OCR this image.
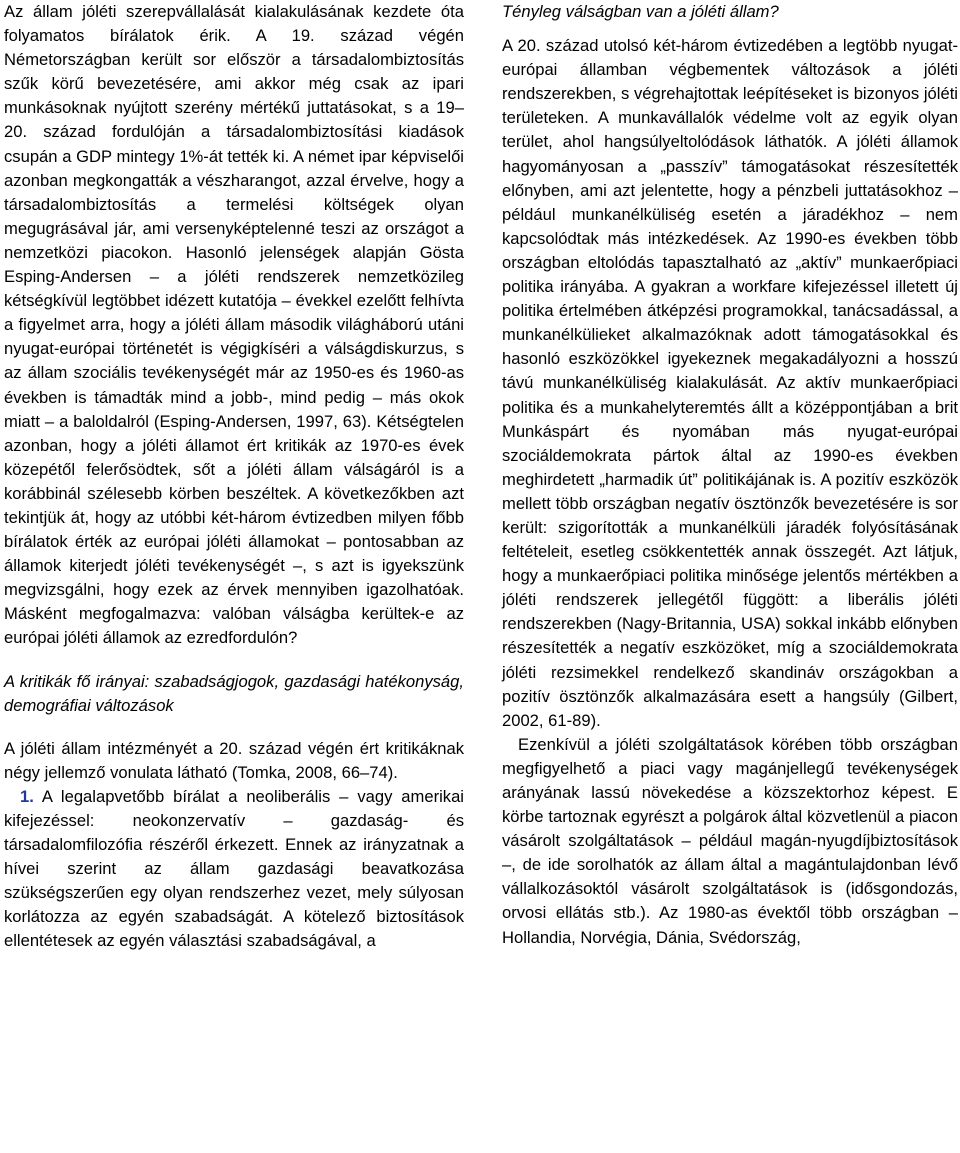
Az állam jóléti szerepvállalását kialakulásának kezdete óta folyamatos bírálatok érik. A 19. század végén Németországban került sor először a társadalombiztosítás szűk körű bevezetésére, ami akkor még csak az ipari munkásoknak nyújtott szerény mértékű juttatásokat, s a 19–20. század fordulóján a társadalombiztosítási kiadások csupán a GDP mintegy 1%-át tették ki. A német ipar képviselői azonban megkongatták a vészharangot, azzal érvelve, hogy a társadalombiztosítás a termelési költségek olyan megugrásával jár, ami versenyképtelenné teszi az országot a nemzetközi piacokon. Hasonló jelenségek alapján Gösta Esping-Andersen – a jóléti rendszerek nemzetközileg kétségkívül legtöbbet idézett kutatója – évekkel ezelőtt felhívta a figyelmet arra, hogy a jóléti állam második világháború utáni nyugat-európai történetét is végigkíséri a válságdiskurzus, s az állam szociális tevékenységét már az 1950-es és 1960-as években is támadták mind a jobb-, mind pedig – más okok miatt – a baloldalról (Esping-Andersen, 1997, 63). Kétségtelen azonban, hogy a jóléti államot ért kritikák az 1970-es évek közepétől felerősödtek, sőt a jóléti állam válságáról is a korábbinál szélesebb körben beszéltek. A következőkben azt tekintjük át, hogy az utóbbi két-három évtizedben milyen főbb bírálatok érték az európai jóléti államokat – pontosabban az államok kiterjedt jóléti tevékenységét –, s azt is igyekszünk megvizsgálni, hogy ezek az érvek mennyiben igazolhatóak. Másként megfogalmazva: valóban válságba kerültek-e az európai jóléti államok az ezredfordulón?

A kritikák fő irányai: szabadságjogok, gazdasági hatékonyság, demográfiai változások

A jóléti állam intézményét a 20. század végén ért kritikáknak négy jellemző vonulata látható (Tomka, 2008, 66–74).

1. A legalapvetőbb bírálat a neoliberális – vagy amerikai kifejezéssel: neokonzervatív – gazdaság- és társadalomfilozófia részéről érkezett. Ennek az irányzatnak a hívei szerint az állam gazdasági beavatkozása szükségszerűen egy olyan rendszerhez vezet, mely súlyosan korlátozza az egyén szabadságát. A kötelező biztosítások ellentétesek az egyén választási szabadságával, a

Tényleg válságban van a jóléti állam?

A 20. század utolsó két-három évtizedében a legtöbb nyugat-európai államban végbementek változások a jóléti rendszerekben, s végrehajtottak leépítéseket is bizonyos jóléti területeken. A munkavállalók védelme volt az egyik olyan terület, ahol hangsúlyeltolódások láthatók. A jóléti államok hagyományosan a „passzív” támogatásokat részesítették előnyben, ami azt jelentette, hogy a pénzbeli juttatásokhoz – például munkanélküliség esetén a járadékhoz – nem kapcsolódtak más intézkedések. Az 1990-es években több országban eltolódás tapasztalható az „aktív” munkaerőpiaci politika irányába. A gyakran a workfare kifejezéssel illetett új politika értelmében átképzési programokkal, tanácsadással, a munkanélkülieket alkalmazóknak adott támogatásokkal és hasonló eszközökkel igyekeznek megakadályozni a hosszú távú munkanélküliség kialakulását. Az aktív munkaerőpiaci politika és a munkahelyteremtés állt a középpontjában a brit Munkáspárt és nyomában más nyugat-európai szociáldemokrata pártok által az 1990-es években meghirdetett „harmadik út” politikájának is. A pozitív eszközök mellett több országban negatív ösztönzők bevezetésére is sor került: szigorították a munkanélküli járadék folyósításának feltételeit, esetleg csökkentették annak összegét. Azt látjuk, hogy a munkaerőpiaci politika minősége jelentős mértékben a jóléti rendszerek jellegétől függött: a liberális jóléti rendszerekben (Nagy-Britannia, USA) sokkal inkább előnyben részesítették a negatív eszközöket, míg a szociáldemokrata jóléti rezsimekkel rendelkező skandináv országokban a pozitív ösztönzők alkalmazására esett a hangsúly (Gilbert, 2002, 61-89).

Ezenkívül a jóléti szolgáltatások körében több országban megfigyelhető a piaci vagy magánjellegű tevékenységek arányának lassú növekedése a közszektorhoz képest. E körbe tartoznak egyrészt a polgárok által közvetlenül a piacon vásárolt szolgáltatások – például magán-nyugdíjbiztosítások –, de ide sorolhatók az állam által a magántulajdonban lévő vállalkozásoktól vásárolt szolgáltatások is (idősgondozás, orvosi ellátás stb.). Az 1980-as évektől több országban – Hollandia, Norvégia, Dánia, Svédország,
